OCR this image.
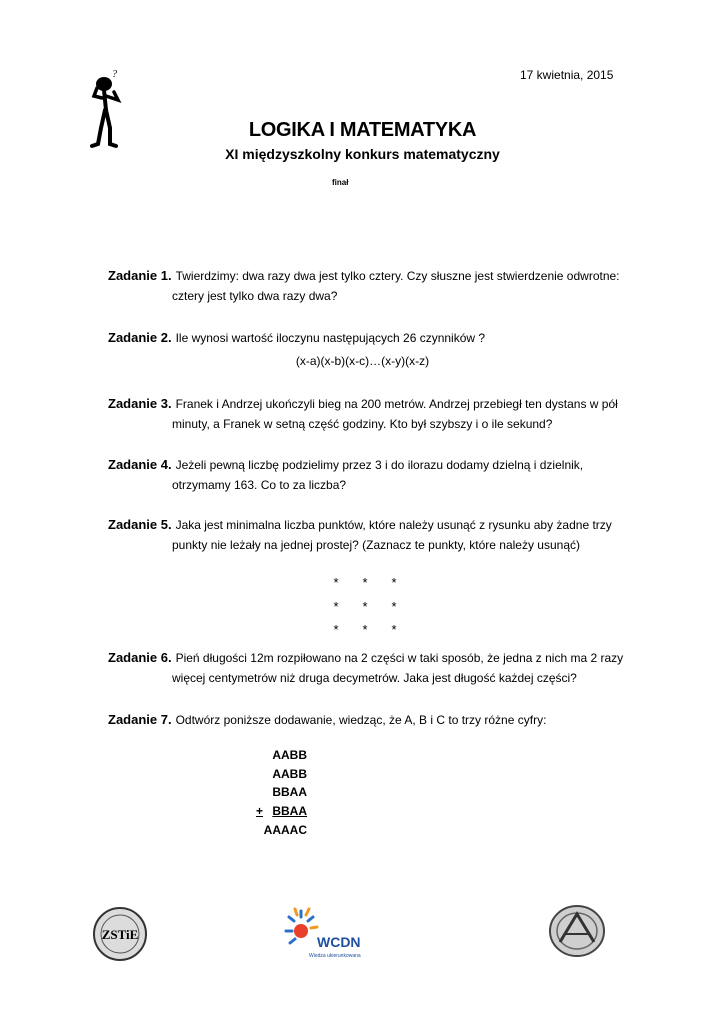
?	17 kwietnia, 2015
LOGIKA I MATEMATYKA
XI międzyszkolny konkurs matematyczny
finał
Zadanie 1. Twierdzimy: dwa razy dwa jest tylko cztery. Czy słuszne jest stwierdzenie odwrotne:
cztery jest tylko dwa razy dwa?
Zadanie 2. Ile wynosi wartość iloczynu następujących 26 czynników ?
(x-a)(x-b)(x-c)…(x-y)(x-z)
Zadanie 3. Franek i Andrzej ukończyli bieg na 200 metrów. Andrzej przebiegł ten dystans w pół
minuty, a Franek w setną część godziny. Kto był szybszy i o ile sekund?
Zadanie 4. Jeżeli pewną liczbę podzielimy przez 3 i do ilorazu dodamy dzielną i dzielnik,
otrzymamy 163. Co to za liczba?
Zadanie 5. Jaka jest minimalna liczba punktów, które należy usunąć z rysunku aby żadne trzy
punkty nie leżały na jednej prostej? (Zaznacz te punkty, które należy usunąć)
* * *
* * *
* * *
Zadanie 6. Pień długości 12m rozpiłowano na 2 części w taki sposób, że jedna z nich ma 2 razy
więcej centymetrów niż druga decymetrów. Jaka jest długość każdej części?
Zadanie 7. Odtwórz poniższe dodawanie, wiedząc, że A, B i C to trzy różne cyfry:
AABB
AABB
BBAA
+ BBAA
AAAAC
ZSTiE	WCDN
Wiedza ukierunkowana
